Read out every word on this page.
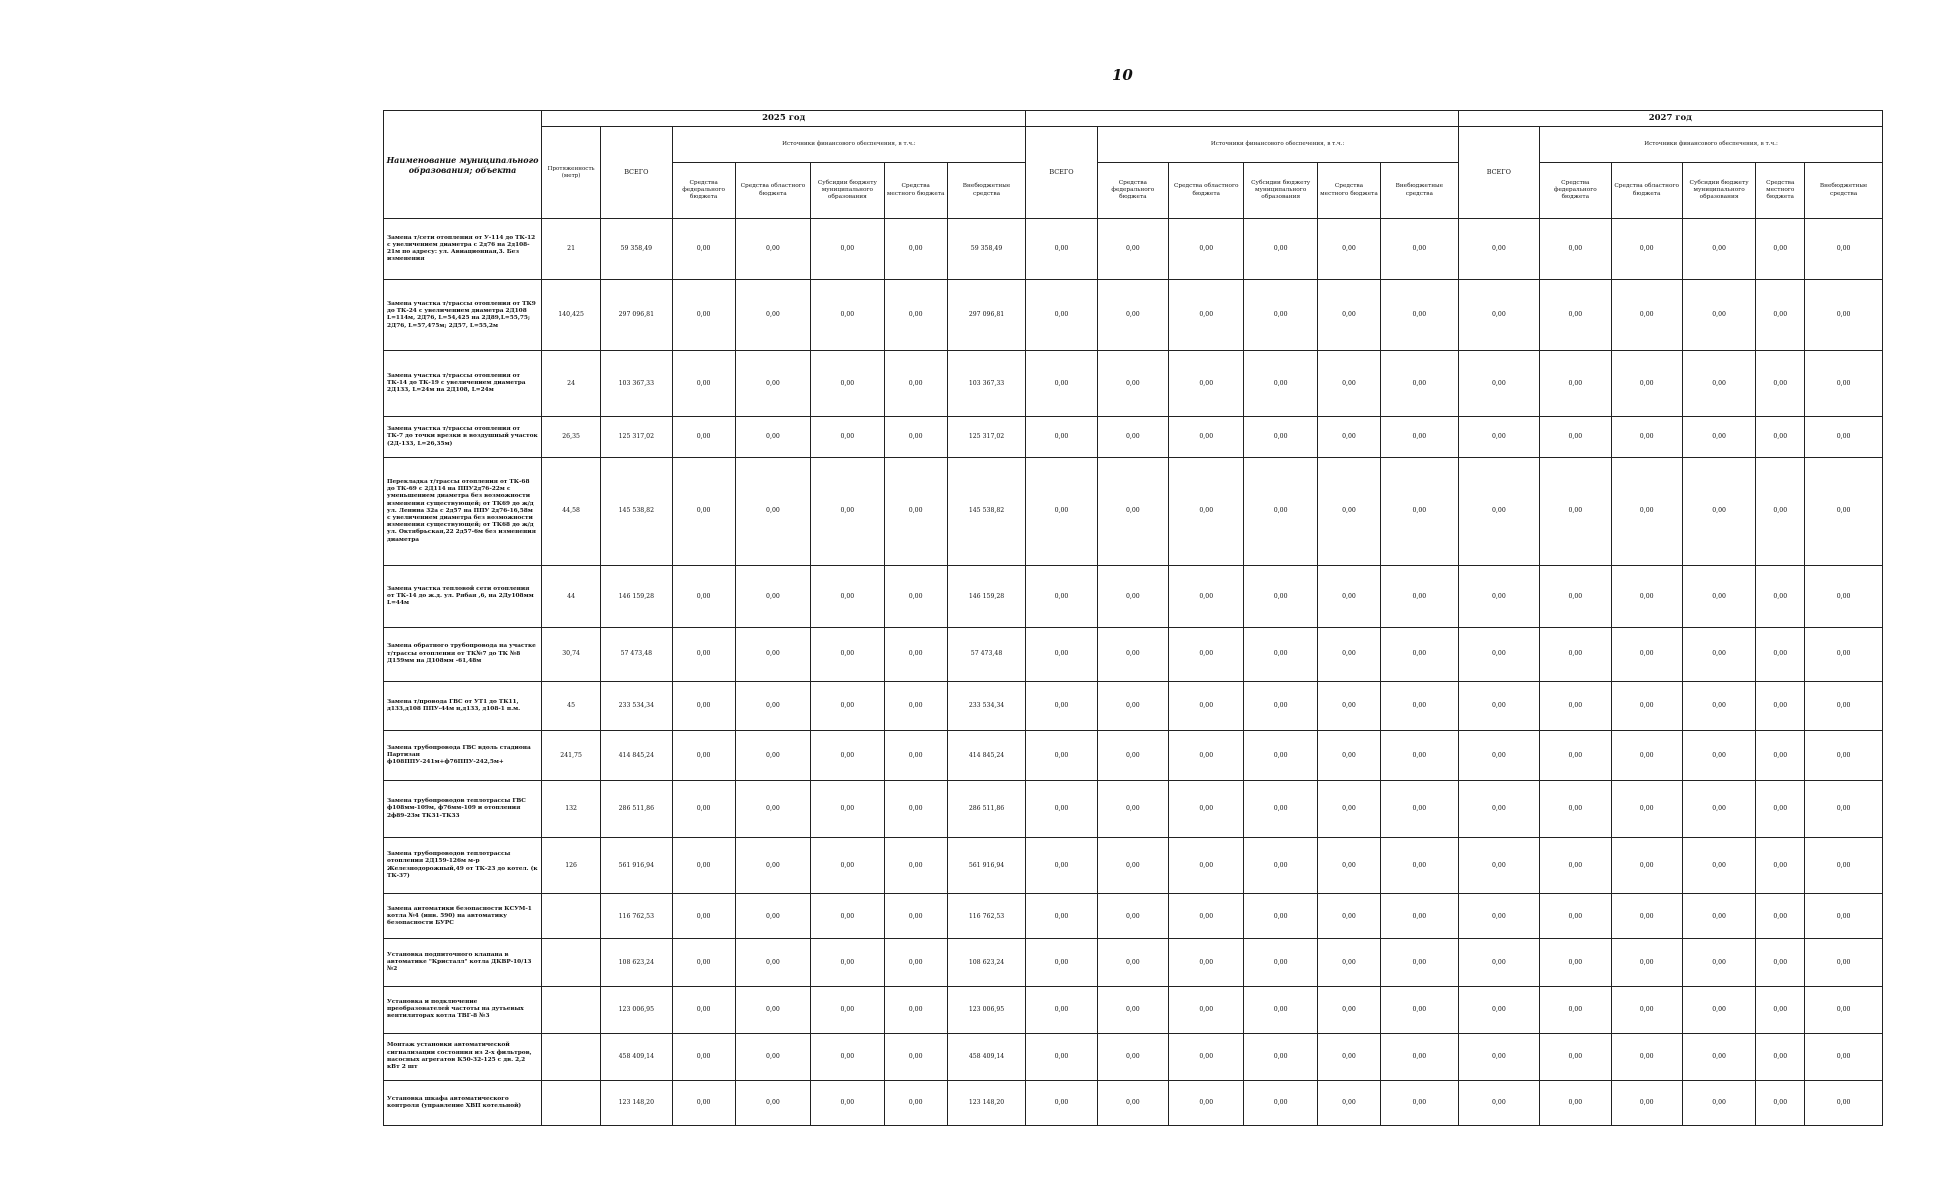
10
Наименование муниципального образования; объекта	2025 год													2027 год					
	Протяженность (метр)	ВСЕГО	Источники финансового обеспечения, в т.ч.:					ВСЕГО	Источники финансового обеспечения, в т.ч.:					ВСЕГО	Источники финансового обеспечения, в т.ч.:				
			Средства федерального бюджета	Средства областного бюджета	Субсидии бюджету муниципального образования	Средства местного бюджета	Внебюджетные средства		Средства федерального бюджета	Средства областного бюджета	Субсидии бюджету муниципального образования	Средства местного бюджета	Внебюджетные средства		Средства федерального бюджета	Средства областного бюджета	Субсидии бюджету муниципального образования	Средства местного бюджета	Внебюджетные средства
Замена т/сети отопления от У-114 до ТК-12 с увеличением диаметра с 2д76 на 2д108-21м по адресу: ул. Авиационная,3. Без изменения	21	59 358,49	0,00	0,00	0,00	0,00	59 358,49	0,00	0,00	0,00	0,00	0,00	0,00	0,00	0,00	0,00	0,00	0,00	0,00
Замена участка т/трассы отопления от ТК9 до ТК-24 с увеличением диаметра 2Д108 L=114м, 2Д76, L=54,425 на 2Д89,L=55,75; 2Д76, L=57,475м; 2Д57, L=55,2м	140,425	297 096,81	0,00	0,00	0,00	0,00	297 096,81	0,00	0,00	0,00	0,00	0,00	0,00	0,00	0,00	0,00	0,00	0,00	0,00
Замена участка т/трассы отопления от ТК-14 до ТК-19 с увеличением диаметра 2Д133, L=24м на 2Д108, L=24м	24	103 367,33	0,00	0,00	0,00	0,00	103 367,33	0,00	0,00	0,00	0,00	0,00	0,00	0,00	0,00	0,00	0,00	0,00	0,00
Замена участка т/трассы отопления от ТК-7 до точки врезки в воздушный участок (2Д-133, L=26,35м)	26,35	125 317,02	0,00	0,00	0,00	0,00	125 317,02	0,00	0,00	0,00	0,00	0,00	0,00	0,00	0,00	0,00	0,00	0,00	0,00
Перекладка т/трассы отопления от ТК-68 до ТК-69 с 2Д114 на ППУ2д76-22м с уменьшением диаметра без возможности изменения существующей; от ТК69 до ж/д ул. Ленина 32а с 2д57 на ППУ 2д76-16,58м с увеличением диаметра без возможности изменения существующей; от ТК68 до ж/д ул. Октябрьская,22 2д57-6м без изменения диаметра	44,58	145 538,82	0,00	0,00	0,00	0,00	145 538,82	0,00	0,00	0,00	0,00	0,00	0,00	0,00	0,00	0,00	0,00	0,00	0,00
Замена участка тепловой сети отопления от ТК-14 до ж.д. ул. Рябая ,6, на 2Ду108мм L=44м	44	146 159,28	0,00	0,00	0,00	0,00	146 159,28	0,00	0,00	0,00	0,00	0,00	0,00	0,00	0,00	0,00	0,00	0,00	0,00
Замена обратного трубопровода на участке т/трассы отопления от ТК№7 до ТК №8 Д159мм на Д108мм -61,48м	30,74	57 473,48	0,00	0,00	0,00	0,00	57 473,48	0,00	0,00	0,00	0,00	0,00	0,00	0,00	0,00	0,00	0,00	0,00	0,00
Замена т/провода ГВС от УТ1 до ТК11, д133,д108 ППУ-44м н,д133, д108-1 п.м.	45	233 534,34	0,00	0,00	0,00	0,00	233 534,34	0,00	0,00	0,00	0,00	0,00	0,00	0,00	0,00	0,00	0,00	0,00	0,00
Замена трубопровода ГВС вдоль стадиона Партизан ф108ППУ-241м+ф76ППУ-242,5м+	241,75	414 845,24	0,00	0,00	0,00	0,00	414 845,24	0,00	0,00	0,00	0,00	0,00	0,00	0,00	0,00	0,00	0,00	0,00	0,00
Замена трубопроводов теплотрассы ГВС ф108мм-109м, ф76мм-109 и отопления 2ф89-23м ТК31-ТК33	132	286 511,86	0,00	0,00	0,00	0,00	286 511,86	0,00	0,00	0,00	0,00	0,00	0,00	0,00	0,00	0,00	0,00	0,00	0,00
Замена трубопроводов теплотрассы отопления 2Д159-126м м-р Железнодорожный,49 от ТК-23 до котел. (к ТК-37)	126	561 916,94	0,00	0,00	0,00	0,00	561 916,94	0,00	0,00	0,00	0,00	0,00	0,00	0,00	0,00	0,00	0,00	0,00	0,00
Замена автоматики безопасности КСУМ-1 котла №4 (инв. 590) на автоматику безопасности БУРС		116 762,53	0,00	0,00	0,00	0,00	116 762,53	0,00	0,00	0,00	0,00	0,00	0,00	0,00	0,00	0,00	0,00	0,00	0,00
Установка подпиточного клапана в автоматике "Кристалл" котла ДКВР-10/13 №2		108 623,24	0,00	0,00	0,00	0,00	108 623,24	0,00	0,00	0,00	0,00	0,00	0,00	0,00	0,00	0,00	0,00	0,00	0,00
Установка и подключение преобразователей частоты на дутьевых вентиляторах котла ТВГ-8 №3		123 006,95	0,00	0,00	0,00	0,00	123 006,95	0,00	0,00	0,00	0,00	0,00	0,00	0,00	0,00	0,00	0,00	0,00	0,00
Монтаж установки автоматической сигнализации состояния из 2-х фильтров, насосных агрегатов К50-32-125 с дв. 2,2 кВт 2 шт		458 409,14	0,00	0,00	0,00	0,00	458 409,14	0,00	0,00	0,00	0,00	0,00	0,00	0,00	0,00	0,00	0,00	0,00	0,00
Установка шкафа автоматического контроля (управление ХВП котельной)		123 148,20	0,00	0,00	0,00	0,00	123 148,20	0,00	0,00	0,00	0,00	0,00	0,00	0,00	0,00	0,00	0,00	0,00	0,00
